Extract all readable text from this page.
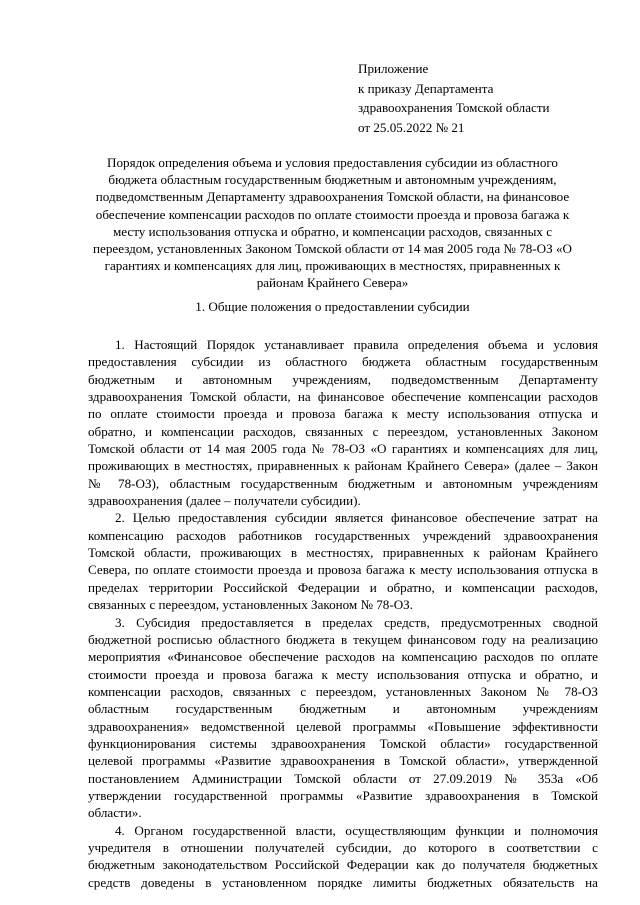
Приложение
к приказу Департамента
здравоохранения Томской области
от 25.05.2022 № 21
Порядок определения объема и условия предоставления субсидии из областного
бюджета областным государственным бюджетным и автономным учреждениям,
подведомственным Департаменту здравоохранения Томской области, на финансовое
обеспечение компенсации расходов по оплате стоимости проезда и провоза багажа к
месту использования отпуска и обратно, и компенсации расходов, связанных с
переездом, установленных Законом Томской области от 14 мая 2005 года № 78-ОЗ «О
гарантиях и компенсациях для лиц, проживающих в местностях, приравненных к
районам Крайнего Севера»
1. Общие положения о предоставлении субсидии
1. Настоящий Порядок устанавливает правила определения объема и условия
предоставления субсидии из областного бюджета областным государственным
бюджетным и автономным учреждениям, подведомственным Департаменту
здравоохранения Томской области, на финансовое обеспечение компенсации расходов
по оплате стоимости проезда и провоза багажа к месту использования отпуска и
обратно, и компенсации расходов, связанных с переездом, установленных Законом
Томской области от 14 мая 2005 года № 78-ОЗ «О гарантиях и компенсациях для лиц,
проживающих в местностях, приравненных к районам Крайнего Севера» (далее – Закон
№ 78-ОЗ), областным государственным бюджетным и автономным учреждениям
здравоохранения (далее – получатели субсидии).
2. Целью предоставления субсидии является финансовое обеспечение затрат на
компенсацию расходов работников государственных учреждений здравоохранения
Томской области, проживающих в местностях, приравненных к районам Крайнего
Севера, по оплате стоимости проезда и провоза багажа к месту использования отпуска в
пределах территории Российской Федерации и обратно, и компенсации расходов,
связанных с переездом, установленных Законом № 78-ОЗ.
3. Субсидия предоставляется в пределах средств, предусмотренных сводной
бюджетной росписью областного бюджета в текущем финансовом году на реализацию
мероприятия «Финансовое обеспечение расходов на компенсацию расходов по оплате
стоимости проезда и провоза багажа к месту использования отпуска и обратно, и
компенсации расходов, связанных с переездом, установленных Законом № 78-ОЗ
областным государственным бюджетным и автономным учреждениям
здравоохранения» ведомственной целевой программы «Повышение эффективности
функционирования системы здравоохранения Томской области» государственной
целевой программы «Развитие здравоохранения в Томской области», утвержденной
постановлением Администрации Томской области от 27.09.2019 № 353а «Об
утверждении государственной программы «Развитие здравоохранения в Томской
области».
4. Органом государственной власти, осуществляющим функции и полномочия
учредителя в отношении получателей субсидии, до которого в соответствии с
бюджетным законодательством Российской Федерации как до получателя бюджетных
средств доведены в установленном порядке лимиты бюджетных обязательств на
